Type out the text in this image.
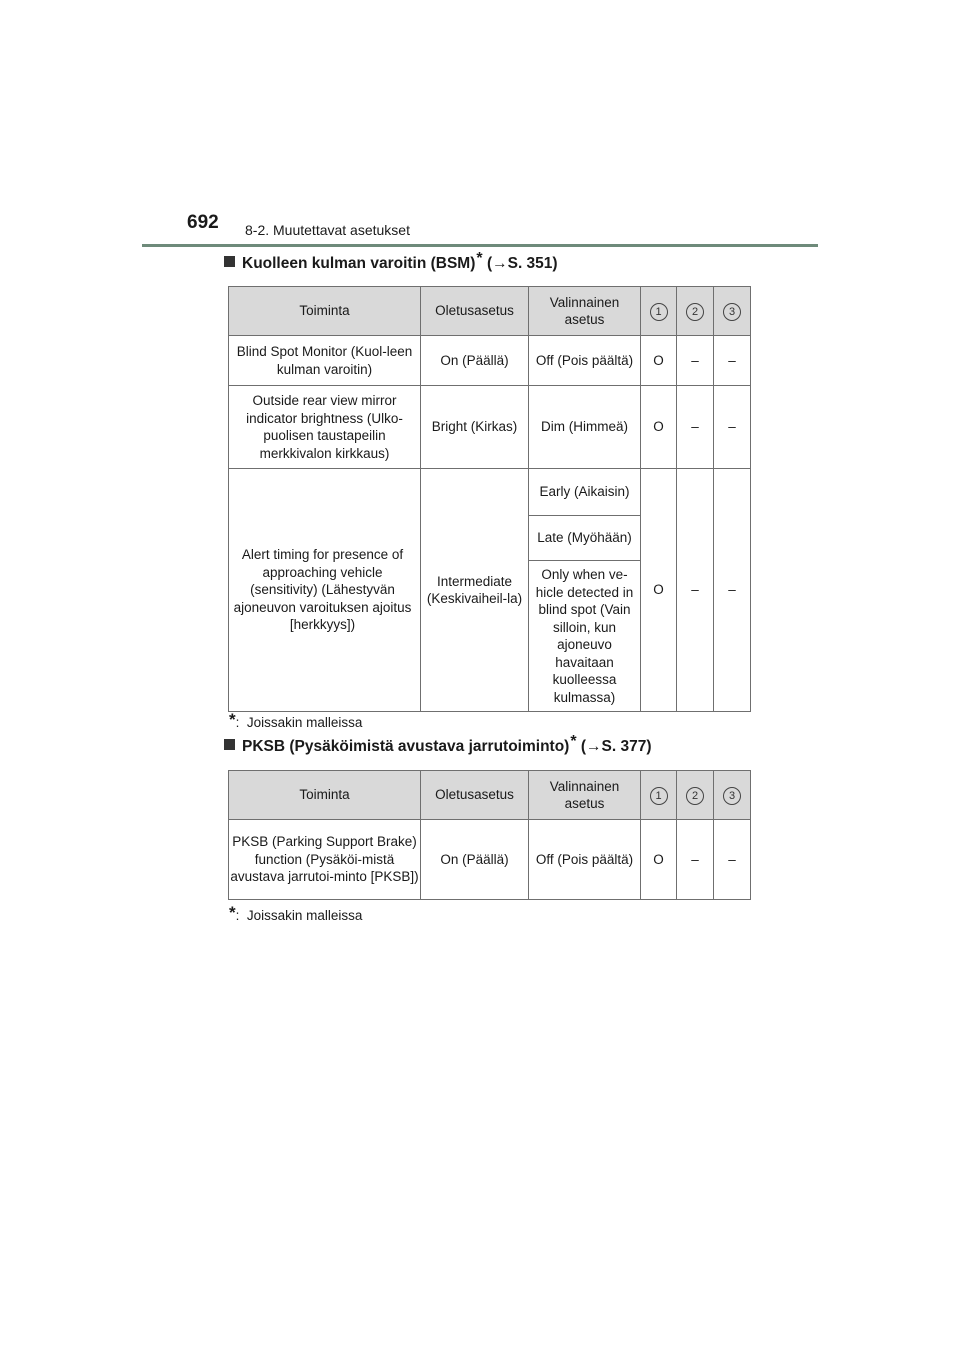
692 8-2. Muutettavat asetukset
Kuolleen kulman varoitin (BSM)* (→S. 351)
Toiminta	Oletusasetus	Valinnainen asetus	1	2	3
Blind Spot Monitor (Kuol-leen kulman varoitin)	On (Päällä)	Off (Pois päältä)	O	–	–
Outside rear view mirror indicator brightness (Ulko-puolisen taustapeilin merkkivalon kirkkaus)	Bright (Kirkas)	Dim (Himmeä)	O	–	–
Alert timing for presence of approaching vehicle (sensitivity) (Lähestyvän ajoneuvon varoituksen ajoitus [herkkyys])	Intermediate (Keskivaiheil-la)	Early (Aikaisin)	O	–	–
		Late (Myöhään)			
		Only when ve-hicle detected in blind spot (Vain silloin, kun ajoneuvo havaitaan kuolleessa kulmassa)			
*:  Joissakin malleissa
PKSB (Pysäköimistä avustava jarrutoiminto)* (→S. 377)
Toiminta	Oletusasetus	Valinnainen asetus	1	2	3
PKSB (Parking Support Brake) function (Pysäköi-mistä avustava jarrutoi-minto [PKSB])	On (Päällä)	Off (Pois päältä)	O	–	–
*:  Joissakin malleissa
